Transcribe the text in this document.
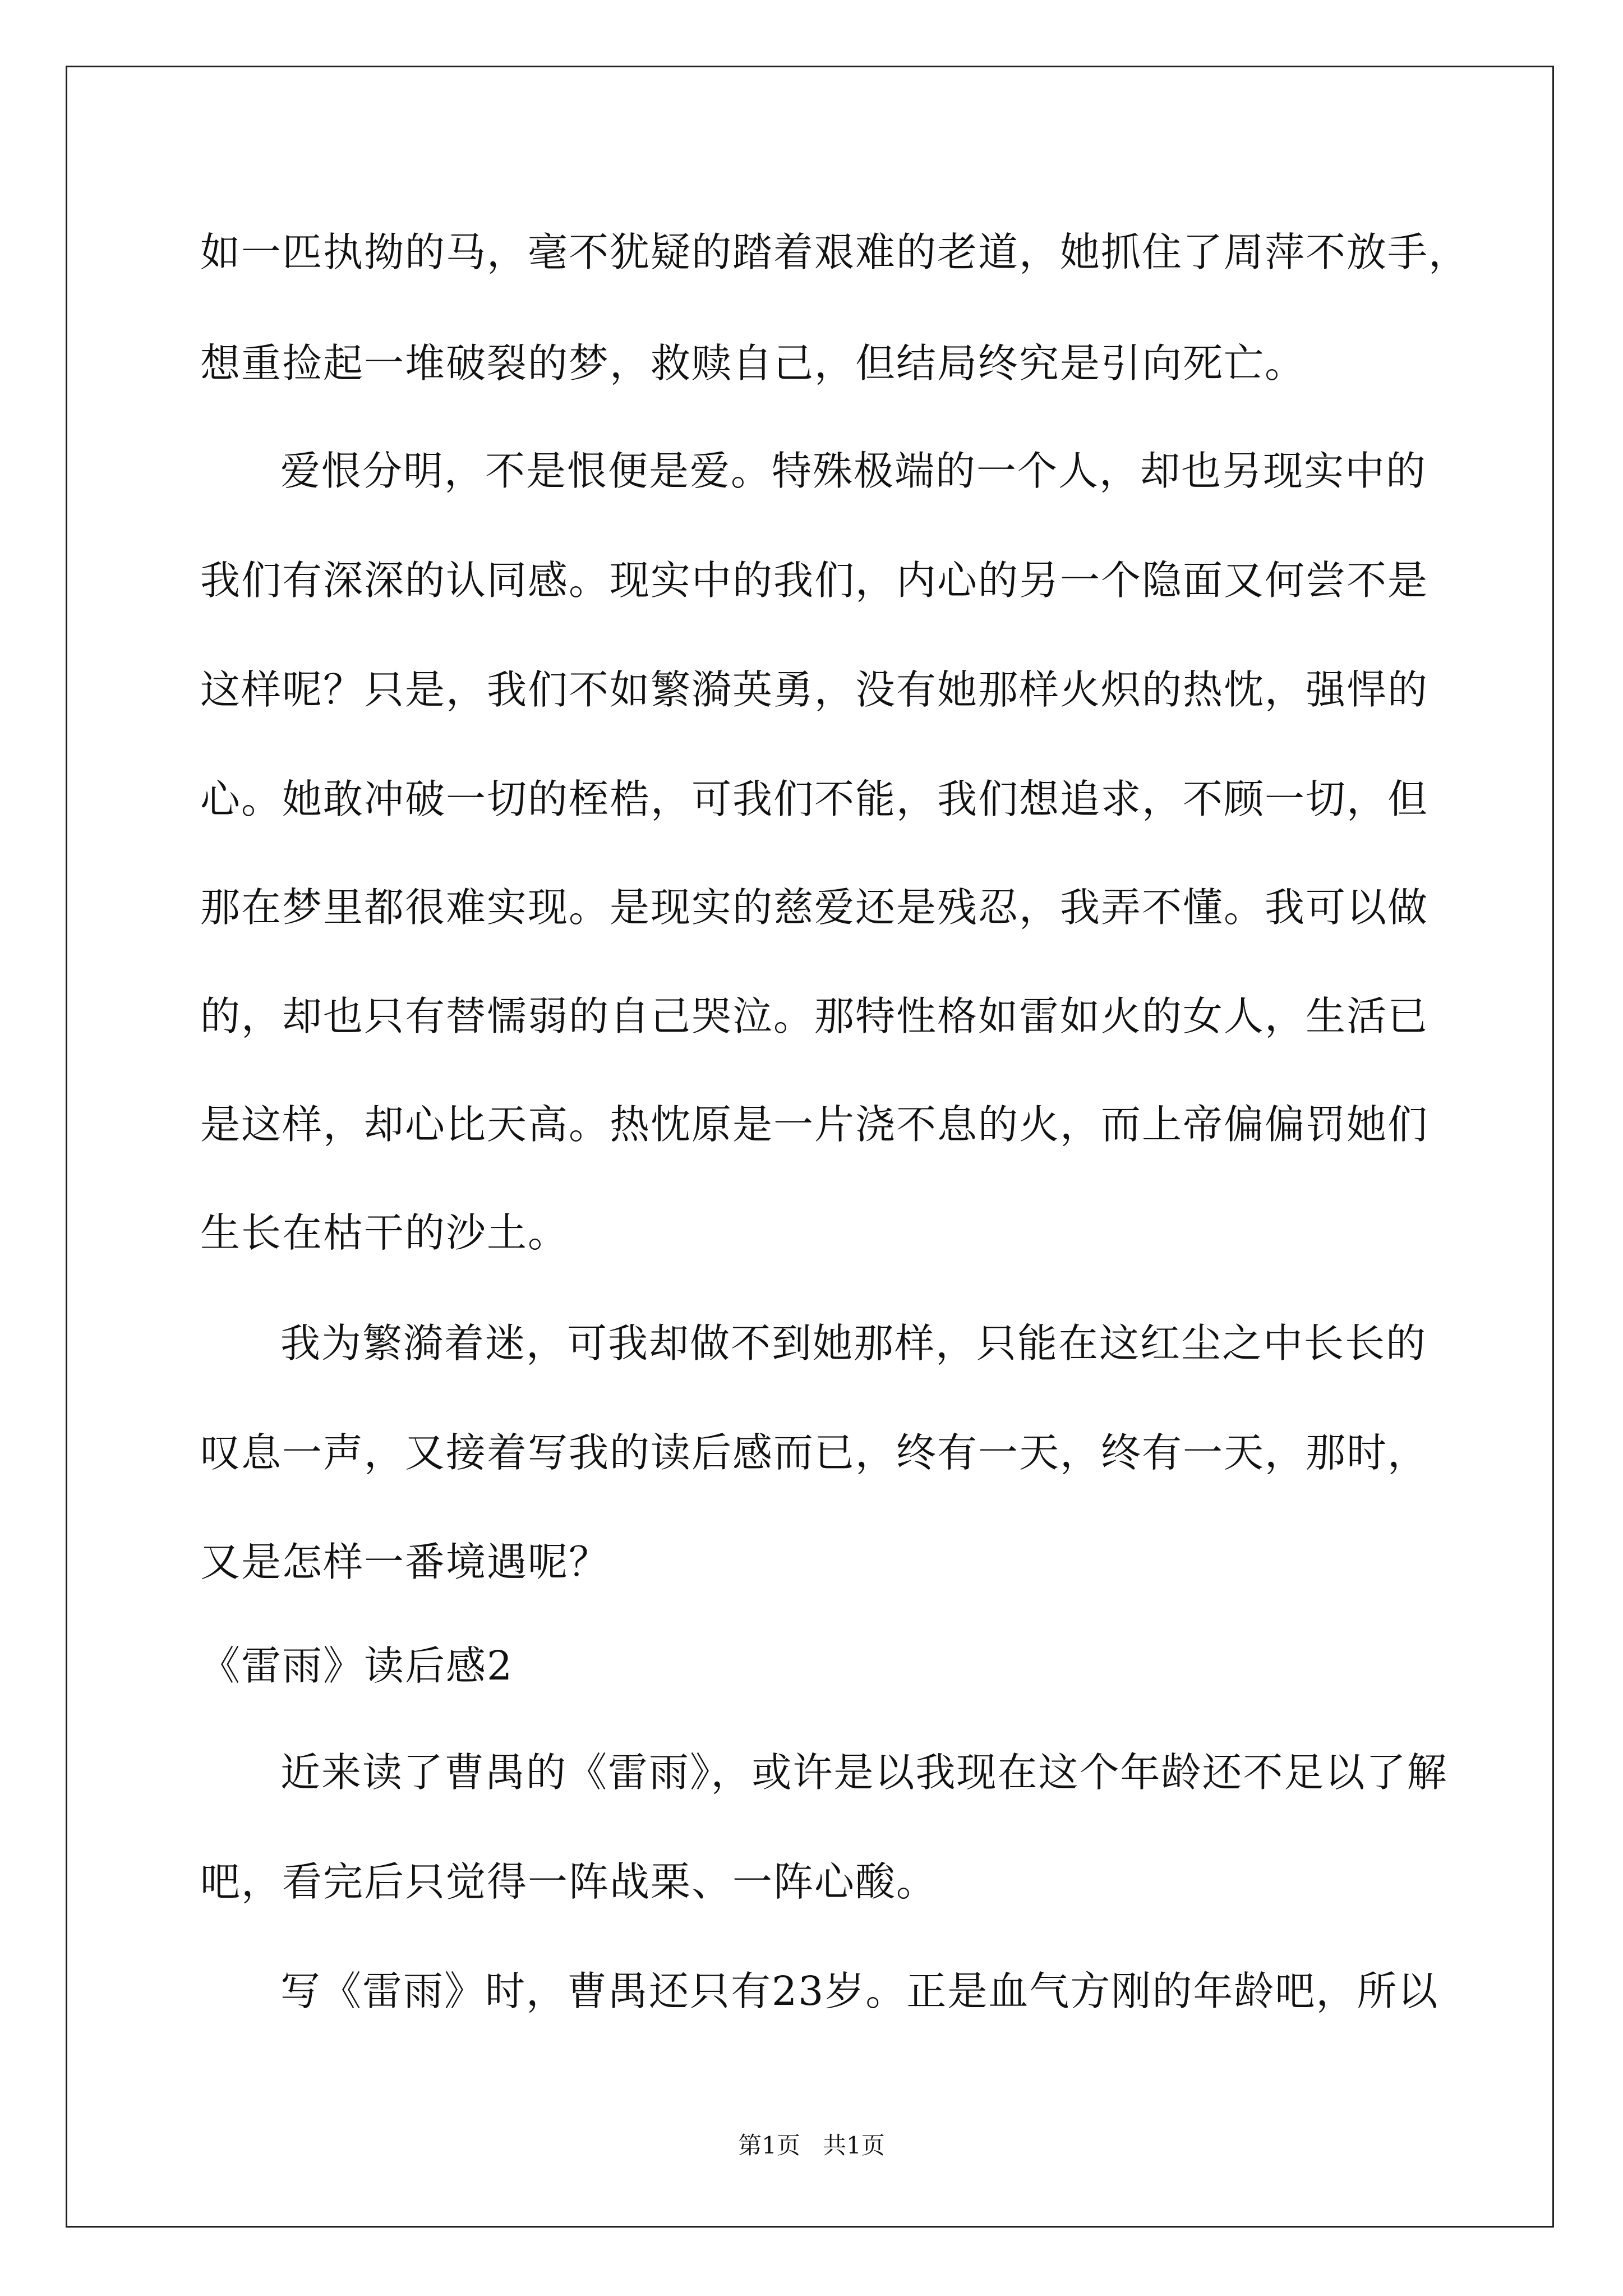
如一匹执拗的马，毫不犹疑的踏着艰难的老道，她抓住了周萍不放手，
想重捡起一堆破裂的梦，救赎自己，但结局终究是引向死亡。
爱恨分明，不是恨便是爱。特殊极端的一个人，却也另现实中的
我们有深深的认同感。现实中的我们，内心的另一个隐面又何尝不是
这样呢？只是，我们不如繁漪英勇，没有她那样火炽的热忱，强悍的
心。她敢冲破一切的桎梏，可我们不能，我们想追求，不顾一切，但
那在梦里都很难实现。是现实的慈爱还是残忍，我弄不懂。我可以做
的，却也只有替懦弱的自己哭泣。那特性格如雷如火的女人，生活已
是这样，却心比天高。热忱原是一片浇不息的火，而上帝偏偏罚她们
生长在枯干的沙土。
我为繁漪着迷，可我却做不到她那样，只能在这红尘之中长长的
叹息一声，又接着写我的读后感而已，终有一天，终有一天，那时，
又是怎样一番境遇呢？
《雷雨》读后感2
近来读了曹禺的《雷雨》，或许是以我现在这个年龄还不足以了解
吧，看完后只觉得一阵战栗、一阵心酸。
写《雷雨》时，曹禺还只有23岁。正是血气方刚的年龄吧，所以
第1页   共1页
